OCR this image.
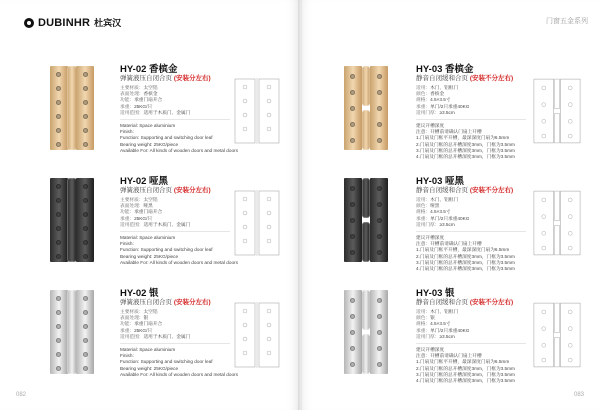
DUBINHR 杜宾汉
HY-02 香槟金
弹簧液压自闭合页 (安装分左右)
主要材质：太空铝
表面处理：香槟金
功能：承重门扇开合
承重：25KG/只
适用范围：适用于木质门、金属门
Material: Space aluminium
Finish:
Function: Supporting and switching door leaf
Bearing weight: 25KG/piece
Available For: All kinds of wooden doors and metal doors
HY-02 哑黑
弹簧液压自闭合页 (安装分左右)
主要材质：太空铝
表面处理：哑黑
功能：承重门扇开合
承重：25KG/只
适用范围：适用于木质门、金属门
Material: Space aluminium
Finish:
Function: Supporting and switching door leaf
Bearing weight: 25KG/piece
Available For: All kinds of wooden doors and metal doors
HY-02 银
弹簧液压自闭合页 (安装分左右)
主要材质：太空铝
表面处理：银
功能：承重门扇开合
承重：25KG/只
适用范围：适用于木质门、金属门
Material: Space aluminium
Finish:
Function: Supporting and switching door leaf
Bearing weight: 25KG/piece
Available For: All kinds of wooden doors and metal doors
082
门窗五金系列
HY-03 香槟金
静音自闭缓和合页 (安装不分左右)
适用：木门、铝框门
颜色：香槟金
规格：4.5×3.5寸
承重：单门/2只承重40KG
适用门厚：≥3.5cm
建议开槽深度
注意：开槽前请确认门扇上开槽
1.门扇及门框平开槽，最深深度门扇为6.5mm
2.门扇及门框的总开槽深度3mm，门框为3.5mm
3.门扇及门框的总开槽深度3mm，门框为3.5mm
4.门扇及门框的总开槽深度3mm，门框为3.5mm
HY-03 哑黑
静音自闭缓和合页 (安装不分左右)
适用：木门、铝框门
颜色：哑黑
规格：4.5×3.5寸
承重：单门/2只承重40KG
适用门厚：≥3.5cm
建议开槽深度
注意：开槽前请确认门扇上开槽
1.门扇及门框平开槽，最深深度门扇为6.5mm
2.门扇及门框的总开槽深度3mm，门框为3.5mm
3.门扇及门框的总开槽深度3mm，门框为3.5mm
4.门扇及门框的总开槽深度3mm，门框为3.5mm
HY-03 银
静音自闭缓和合页 (安装不分左右)
适用：木门、铝框门
颜色：银
规格：4.5×3.5寸
承重：单门/2只承重40KG
适用门厚：≥3.5cm
建议开槽深度
注意：开槽前请确认门扇上开槽
1.门扇及门框平开槽，最深深度门扇为6.5mm
2.门扇及门框的总开槽深度3mm，门框为3.5mm
3.门扇及门框的总开槽深度3mm，门框为3.5mm
4.门扇及门框的总开槽深度3mm，门框为3.5mm
083
